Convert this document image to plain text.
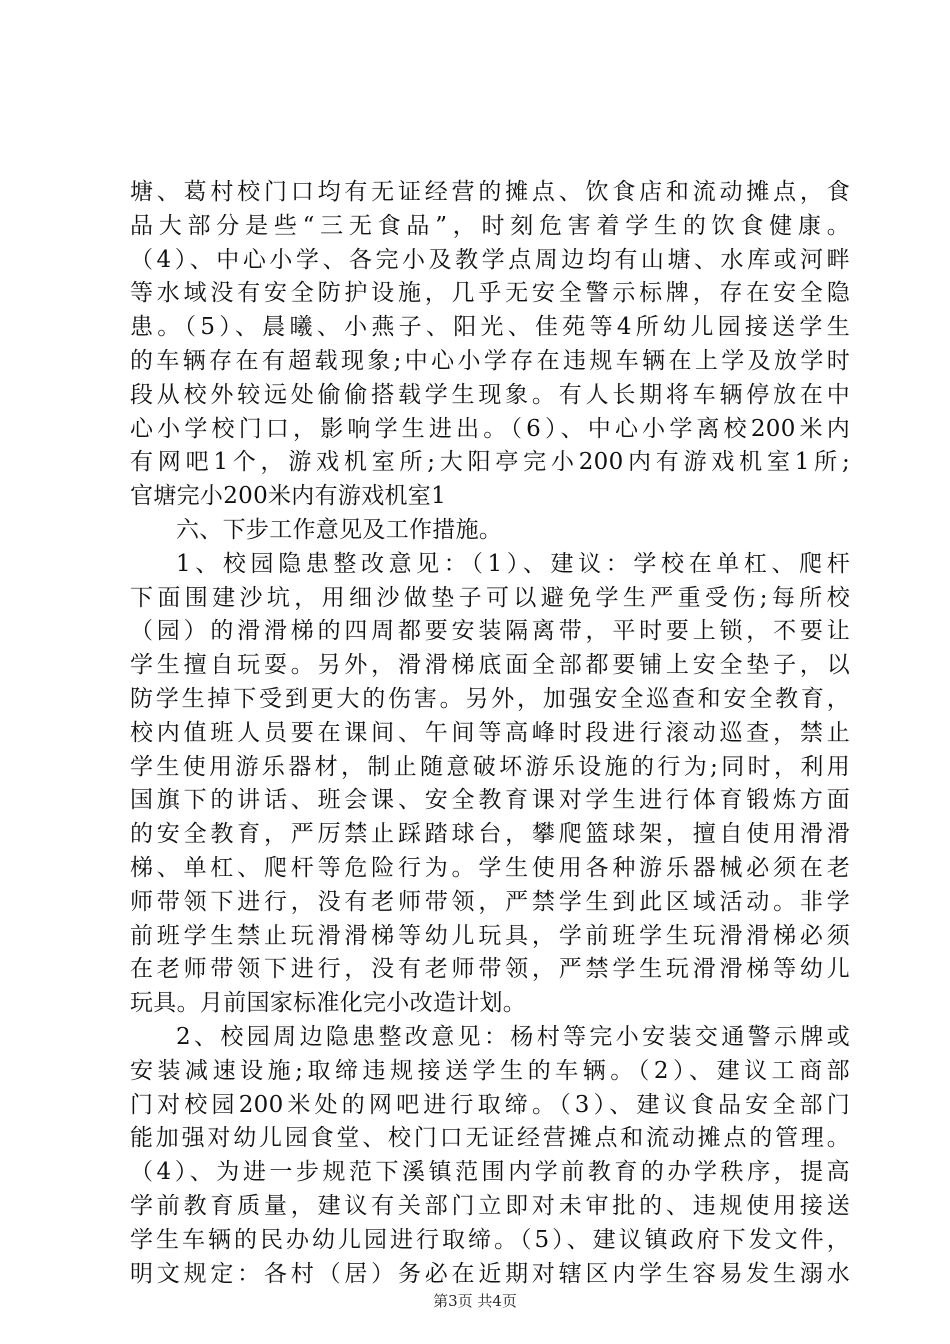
塘、葛村校门口均有无证经营的摊点、饮食店和流动摊点，食
品大部分是些“三无食品”，时刻危害着学生的饮食健康。
（4）、中心小学、各完小及教学点周边均有山塘、水库或河畔
等水域没有安全防护设施，几乎无安全警示标牌，存在安全隐
患。（5）、晨曦、小燕子、阳光、佳苑等4所幼儿园接送学生
的车辆存在有超载现象;中心小学存在违规车辆在上学及放学时
段从校外较远处偷偷搭载学生现象。有人长期将车辆停放在中
心小学校门口，影响学生进出。（6）、中心小学离校200米内
有网吧1个，游戏机室所;大阳亭完小200内有游戏机室1所;
官塘完小200米内有游戏机室1
六、下步工作意见及工作措施。
1、校园隐患整改意见：（1）、建议：学校在单杠、爬杆
下面围建沙坑，用细沙做垫子可以避免学生严重受伤;每所校
（园）的滑滑梯的四周都要安装隔离带，平时要上锁，不要让
学生擅自玩耍。另外，滑滑梯底面全部都要铺上安全垫子，以
防学生掉下受到更大的伤害。另外，加强安全巡查和安全教育，
校内值班人员要在课间、午间等高峰时段进行滚动巡查，禁止
学生使用游乐器材，制止随意破坏游乐设施的行为;同时，利用
国旗下的讲话、班会课、安全教育课对学生进行体育锻炼方面
的安全教育，严厉禁止踩踏球台，攀爬篮球架，擅自使用滑滑
梯、单杠、爬杆等危险行为。学生使用各种游乐器械必须在老
师带领下进行，没有老师带领，严禁学生到此区域活动。非学
前班学生禁止玩滑滑梯等幼儿玩具，学前班学生玩滑滑梯必须
在老师带领下进行，没有老师带领，严禁学生玩滑滑梯等幼儿
玩具。月前国家标准化完小改造计划。
2、校园周边隐患整改意见：杨村等完小安装交通警示牌或
安装减速设施;取缔违规接送学生的车辆。（2）、建议工商部
门对校园200米处的网吧进行取缔。（3）、建议食品安全部门
能加强对幼儿园食堂、校门口无证经营摊点和流动摊点的管理。
（4）、为进一步规范下溪镇范围内学前教育的办学秩序，提高
学前教育质量，建议有关部门立即对未审批的、违规使用接送
学生车辆的民办幼儿园进行取缔。（5）、建议镇政府下发文件，
明文规定：各村（居）务必在近期对辖区内学生容易发生溺水
第3页 共4页
